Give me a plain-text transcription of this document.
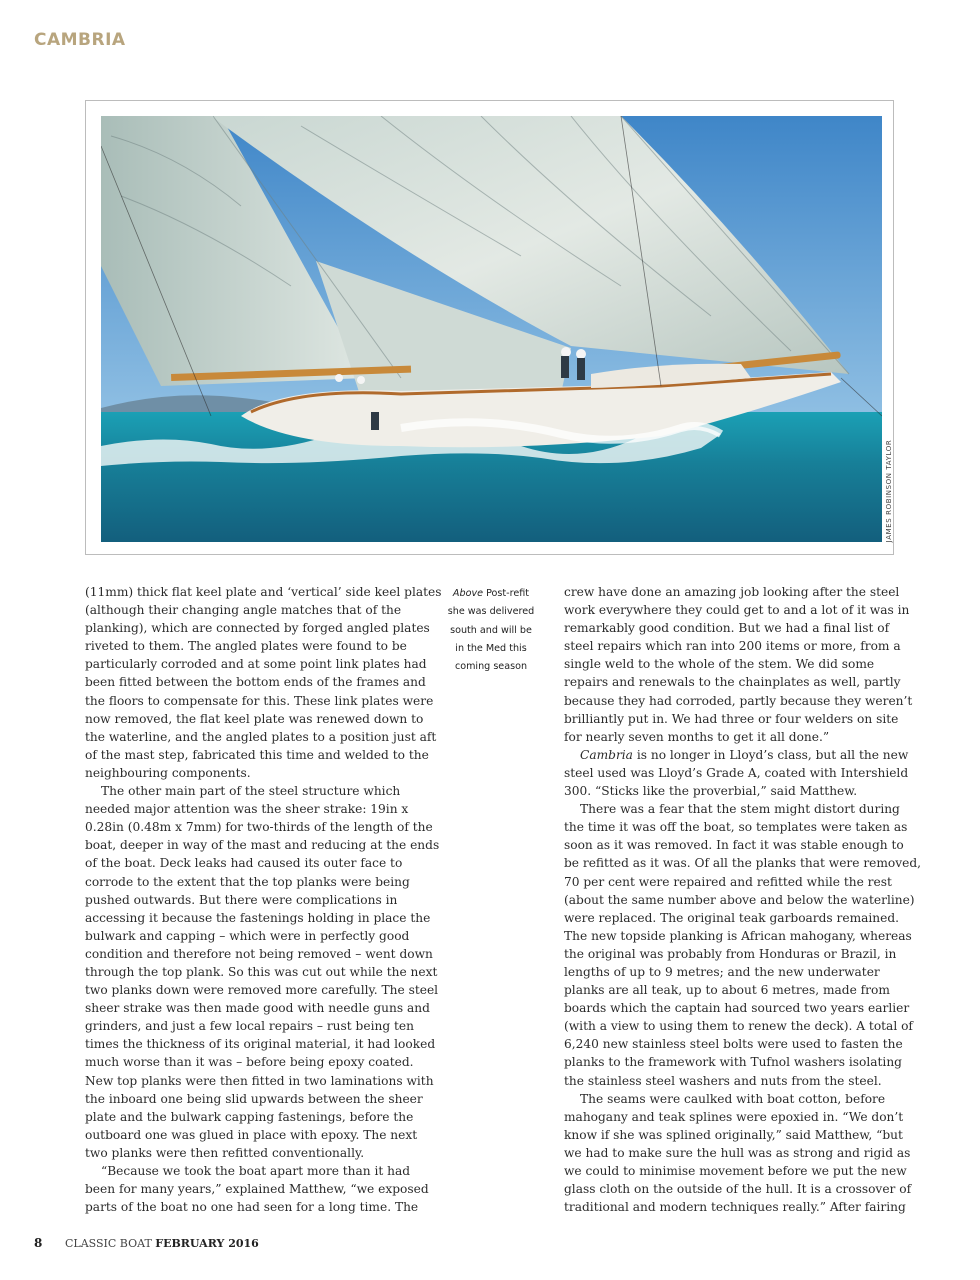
CAMBRIA
JAMES ROBINSON TAYLOR

(11mm) thick flat keel plate and ‘vertical’ side keel plates

(although their changing angle matches that of the

planking), which are connected by forged angled plates

riveted to them. The angled plates were found to be

particularly corroded and at some point link plates had

been fitted between the bottom ends of the frames and

the floors to compensate for this. These link plates were

now removed, the flat keel plate was renewed down to

the waterline, and the angled plates to a position just aft

of the mast step, fabricated this time and welded to the

neighbouring components.

The other main part of the steel structure which

needed major attention was the sheer strake: 19in x

0.28in (0.48m x 7mm) for two-thirds of the length of the

boat, deeper in way of the mast and reducing at the ends

of the boat. Deck leaks had caused its outer face to

corrode to the extent that the top planks were being

pushed outwards. But there were complications in

accessing it because the fastenings holding in place the

bulwark and capping – which were in perfectly good

condition and therefore not being removed – went down

through the top plank. So this was cut out while the next

two planks down were removed more carefully. The steel

sheer strake was then made good with needle guns and

grinders, and just a few local repairs – rust being ten

times the thickness of its original material, it had looked

much worse than it was – before being epoxy coated.

New top planks were then fitted in two laminations with

the inboard one being slid upwards between the sheer

plate and the bulwark capping fastenings, before the

outboard one was glued in place with epoxy. The next

two planks were then refitted conventionally.

“Because we took the boat apart more than it had

been for many years,” explained Matthew, “we exposed

parts of the boat no one had seen for a long time. The

Above Post-refit
she was delivered
south and will be
in the Med this
coming season

crew have done an amazing job looking after the steel

work everywhere they could get to and a lot of it was in

remarkably good condition. But we had a final list of

steel repairs which ran into 200 items or more, from a

single weld to the whole of the stem. We did some

repairs and renewals to the chainplates as well, partly

because they had corroded, partly because they weren’t

brilliantly put in. We had three or four welders on site

for nearly seven months to get it all done.”

Cambria is no longer in Lloyd’s class, but all the new

steel used was Lloyd’s Grade A, coated with Intershield

300. “Sticks like the proverbial,” said Matthew.

There was a fear that the stem might distort during

the time it was off the boat, so templates were taken as

soon as it was removed. In fact it was stable enough to

be refitted as it was. Of all the planks that were removed,

70 per cent were repaired and refitted while the rest

(about the same number above and below the waterline)

were replaced. The original teak garboards remained.

The new topside planking is African mahogany, whereas

the original was probably from Honduras or Brazil, in

lengths of up to 9 metres; and the new underwater

planks are all teak, up to about 6 metres, made from

boards which the captain had sourced two years earlier

(with a view to using them to renew the deck). A total of

6,240 new stainless steel bolts were used to fasten the

planks to the framework with Tufnol washers isolating

the stainless steel washers and nuts from the steel.

The seams were caulked with boat cotton, before

mahogany and teak splines were epoxied in. “We don’t

know if she was splined originally,” said Matthew, “but

we had to make sure the hull was as strong and rigid as

we could to minimise movement before we put the new

glass cloth on the outside of the hull. It is a crossover of

traditional and modern techniques really.” After fairing

8 CLASSIC BOAT FEBRUARY 2016
